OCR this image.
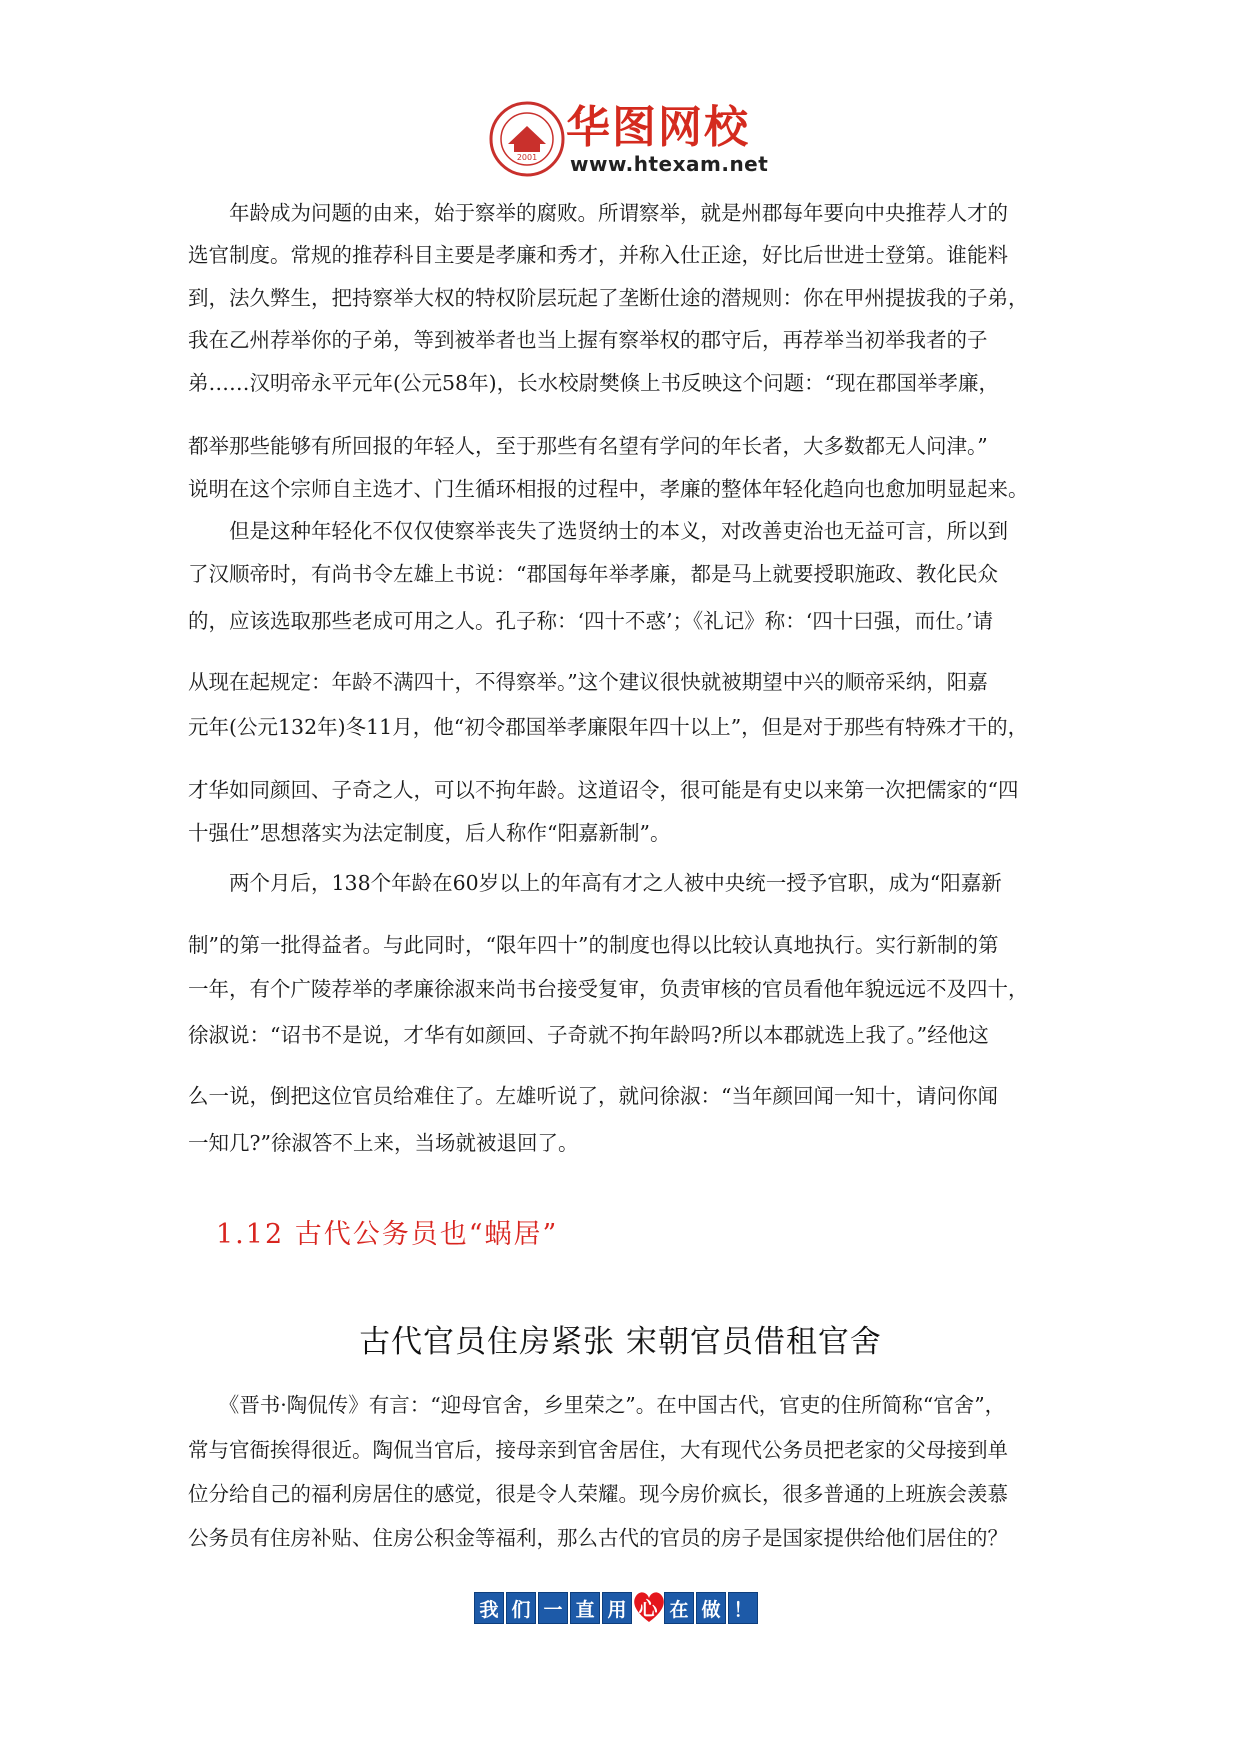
2001
华图网校
www.htexam.net
　　年龄成为问题的由来，始于察举的腐败。所谓察举，就是州郡每年要向中央推荐人才的
选官制度。常规的推荐科目主要是孝廉和秀才，并称入仕正途，好比后世进士登第。谁能料
到，法久弊生，把持察举大权的特权阶层玩起了垄断仕途的潜规则：你在甲州提拔我的子弟，
我在乙州荐举你的子弟，等到被举者也当上握有察举权的郡守后，再荐举当初举我者的子
弟……汉明帝永平元年(公元58年)，长水校尉樊倏上书反映这个问题：“现在郡国举孝廉，
都举那些能够有所回报的年轻人，至于那些有名望有学问的年长者，大多数都无人问津。”
说明在这个宗师自主选才、门生循环相报的过程中，孝廉的整体年轻化趋向也愈加明显起来。
　　但是这种年轻化不仅仅使察举丧失了选贤纳士的本义，对改善吏治也无益可言，所以到
了汉顺帝时，有尚书令左雄上书说：“郡国每年举孝廉，都是马上就要授职施政、教化民众
的，应该选取那些老成可用之人。孔子称：‘四十不惑’；《礼记》称：‘四十曰强，而仕。’请
从现在起规定：年龄不满四十，不得察举。”这个建议很快就被期望中兴的顺帝采纳，阳嘉
元年(公元132年)冬11月，他“初令郡国举孝廉限年四十以上”，但是对于那些有特殊才干的，
才华如同颜回、子奇之人，可以不拘年龄。这道诏令，很可能是有史以来第一次把儒家的“四
十强仕”思想落实为法定制度，后人称作“阳嘉新制”。
　　两个月后，138个年龄在60岁以上的年高有才之人被中央统一授予官职，成为“阳嘉新
制”的第一批得益者。与此同时，“限年四十”的制度也得以比较认真地执行。实行新制的第
一年，有个广陵荐举的孝廉徐淑来尚书台接受复审，负责审核的官员看他年貌远远不及四十，
徐淑说：“诏书不是说，才华有如颜回、子奇就不拘年龄吗?所以本郡就选上我了。”经他这
么一说，倒把这位官员给难住了。左雄听说了，就问徐淑：“当年颜回闻一知十，请问你闻
一知几?”徐淑答不上来，当场就被退回了。
1.12 古代公务员也“蜗居”
古代官员住房紧张 宋朝官员借租官舍
　　《晋书·陶侃传》有言：“迎母官舍，乡里荣之”。在中国古代，官吏的住所简称“官舍”，
常与官衙挨得很近。陶侃当官后，接母亲到官舍居住，大有现代公务员把老家的父母接到单
位分给自己的福利房居住的感觉，很是令人荣耀。现今房价疯长，很多普通的上班族会羡慕
公务员有住房补贴、住房公积金等福利，那么古代的官员的房子是国家提供给他们居住的？
我 们 一 直 用 心 在 做 ！
